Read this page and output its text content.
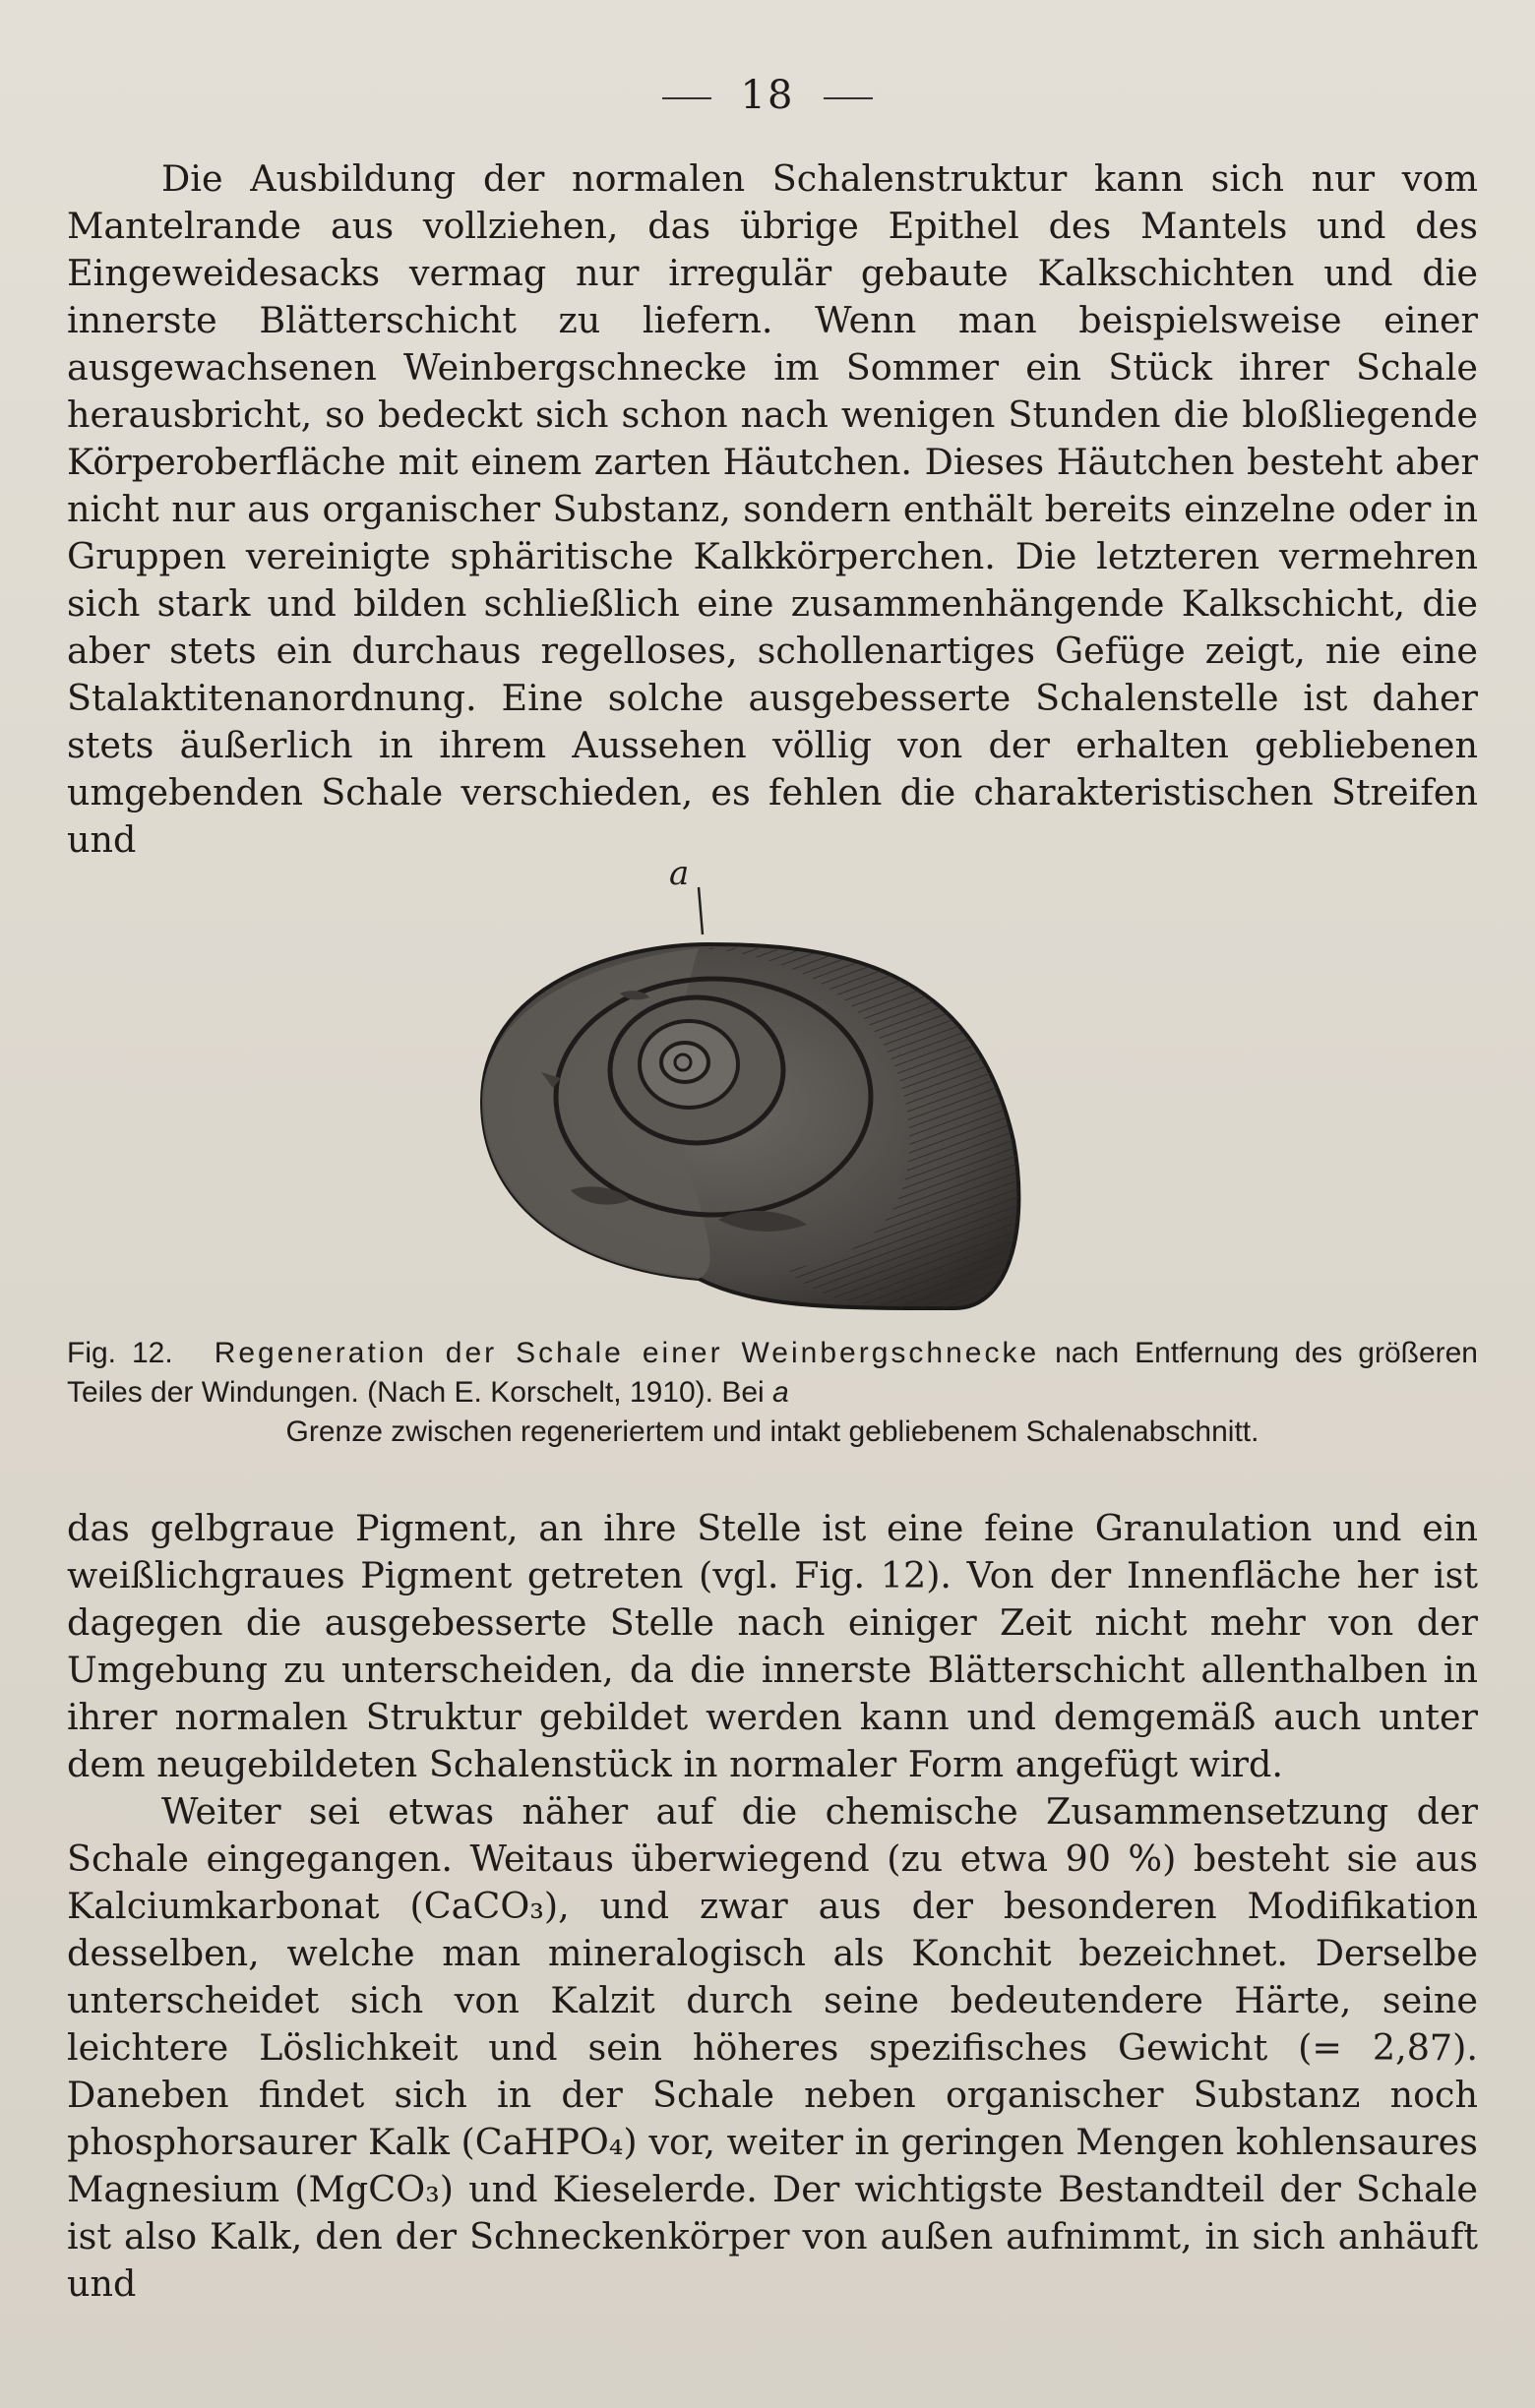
18
Die Ausbildung der normalen Schalenstruktur kann sich nur vom Mantelrande aus vollziehen, das übrige Epithel des Mantels und des Eingeweidesacks vermag nur irregulär gebaute Kalkschichten und die innerste Blätterschicht zu liefern. Wenn man beispielsweise einer ausgewachsenen Weinbergschnecke im Sommer ein Stück ihrer Schale herausbricht, so bedeckt sich schon nach wenigen Stunden die bloßliegende Körperoberfläche mit einem zarten Häutchen. Dieses Häutchen besteht aber nicht nur aus organischer Substanz, sondern enthält bereits einzelne oder in Gruppen vereinigte sphäritische Kalkkörperchen. Die letzteren vermehren sich stark und bilden schließlich eine zusammenhängende Kalkschicht, die aber stets ein durchaus regelloses, schollenartiges Gefüge zeigt, nie eine Stalaktitenanordnung. Eine solche ausgebesserte Schalenstelle ist daher stets äußerlich in ihrem Aussehen völlig von der erhalten gebliebenen umgebenden Schale verschieden, es fehlen die charakteristischen Streifen und
a
Fig. 12. Regeneration der Schale einer Weinbergschnecke nach Entfernung des größeren Teiles der Windungen. (Nach E. Korschelt, 1910). Bei a
Grenze zwischen regeneriertem und intakt gebliebenem Schalenabschnitt.
das gelbgraue Pigment, an ihre Stelle ist eine feine Granulation und ein weißlichgraues Pigment getreten (vgl. Fig. 12). Von der Innenfläche her ist dagegen die ausgebesserte Stelle nach einiger Zeit nicht mehr von der Umgebung zu unterscheiden, da die innerste Blätterschicht allenthalben in ihrer normalen Struktur gebildet werden kann und demgemäß auch unter dem neugebildeten Schalenstück in normaler Form angefügt wird.
Weiter sei etwas näher auf die chemische Zusammensetzung der Schale eingegangen. Weitaus überwiegend (zu etwa 90 %) besteht sie aus Kalciumkarbonat (CaCO₃), und zwar aus der besonderen Modifikation desselben, welche man mineralogisch als Konchit bezeichnet. Derselbe unterscheidet sich von Kalzit durch seine bedeutendere Härte, seine leichtere Löslichkeit und sein höheres spezifisches Gewicht (= 2,87). Daneben findet sich in der Schale neben organischer Substanz noch phosphorsaurer Kalk (CaHPO₄) vor, weiter in geringen Mengen kohlensaures Magnesium (MgCO₃) und Kieselerde. Der wichtigste Bestandteil der Schale ist also Kalk, den der Schneckenkörper von außen aufnimmt, in sich anhäuft und
